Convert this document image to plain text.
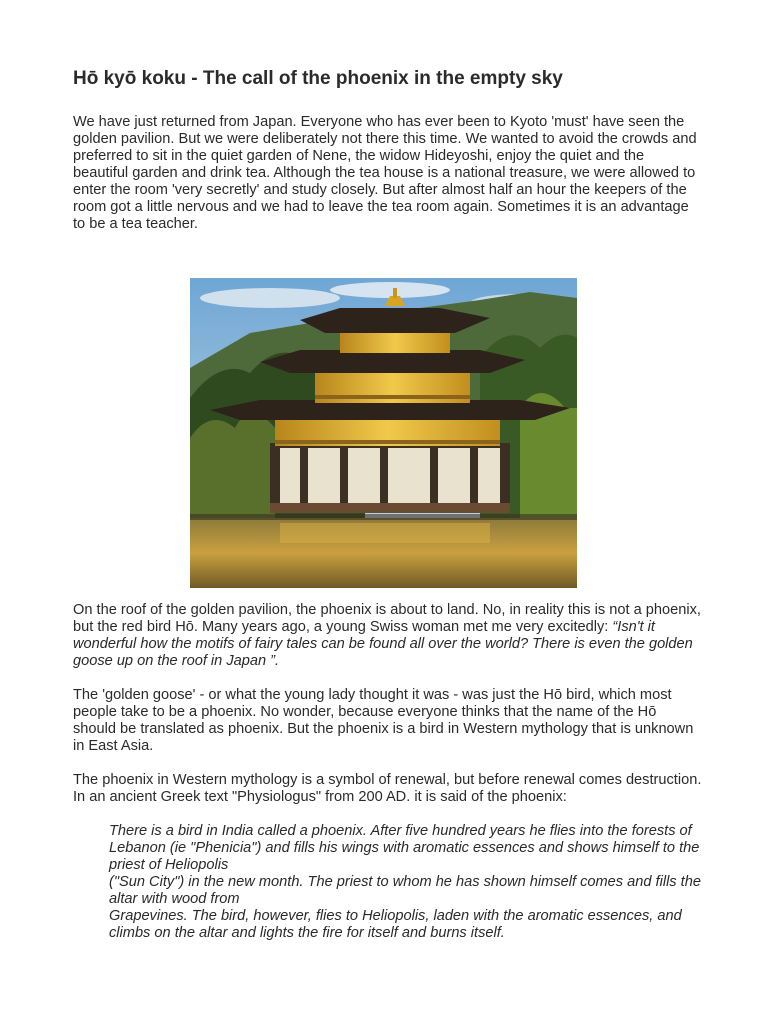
Hō kyō koku - The call of the phoenix in the empty sky

We have just returned from Japan. Everyone who has ever been to Kyoto 'must' have seen the golden pavilion. But we were deliberately not there this time. We wanted to avoid the crowds and preferred to sit in the quiet garden of Nene, the widow Hideyoshi, enjoy the quiet and the beautiful garden and drink tea. Although the tea house is a national treasure, we were allowed to enter the room 'very secretly' and study closely. But after almost half an hour the keepers of the room got a little nervous and we had to leave the tea room again. Sometimes it is an advantage to be a tea teacher.

On the roof of the golden pavilion, the phoenix is about to land. No, in reality this is not a phoenix, but the red bird Hō. Many years ago, a young Swiss woman met me very excitedly: “Isn't it wonderful how the motifs of fairy tales can be found all over the world? There is even the golden goose up on the roof in Japan ”.

The 'golden goose' - or what the young lady thought it was - was just the Hō bird, which most people take to be a phoenix. No wonder, because everyone thinks that the name of the Hō should be translated as phoenix. But the phoenix is a bird in Western mythology that is unknown in East Asia.

The phoenix in Western mythology is a symbol of renewal, but before renewal comes destruction. In an ancient Greek text "Physiologus" from 200 AD. it is said of the phoenix:

There is a bird in India called a phoenix. After five hundred years he flies into the forests of Lebanon (ie "Phenicia") and fills his wings with aromatic essences and shows himself to the priest of Heliopolis
("Sun City") in the new month. The priest to whom he has shown himself comes and fills the altar with wood from
Grapevines. The bird, however, flies to Heliopolis, laden with the aromatic essences, and climbs on the altar and lights the fire for itself and burns itself.
